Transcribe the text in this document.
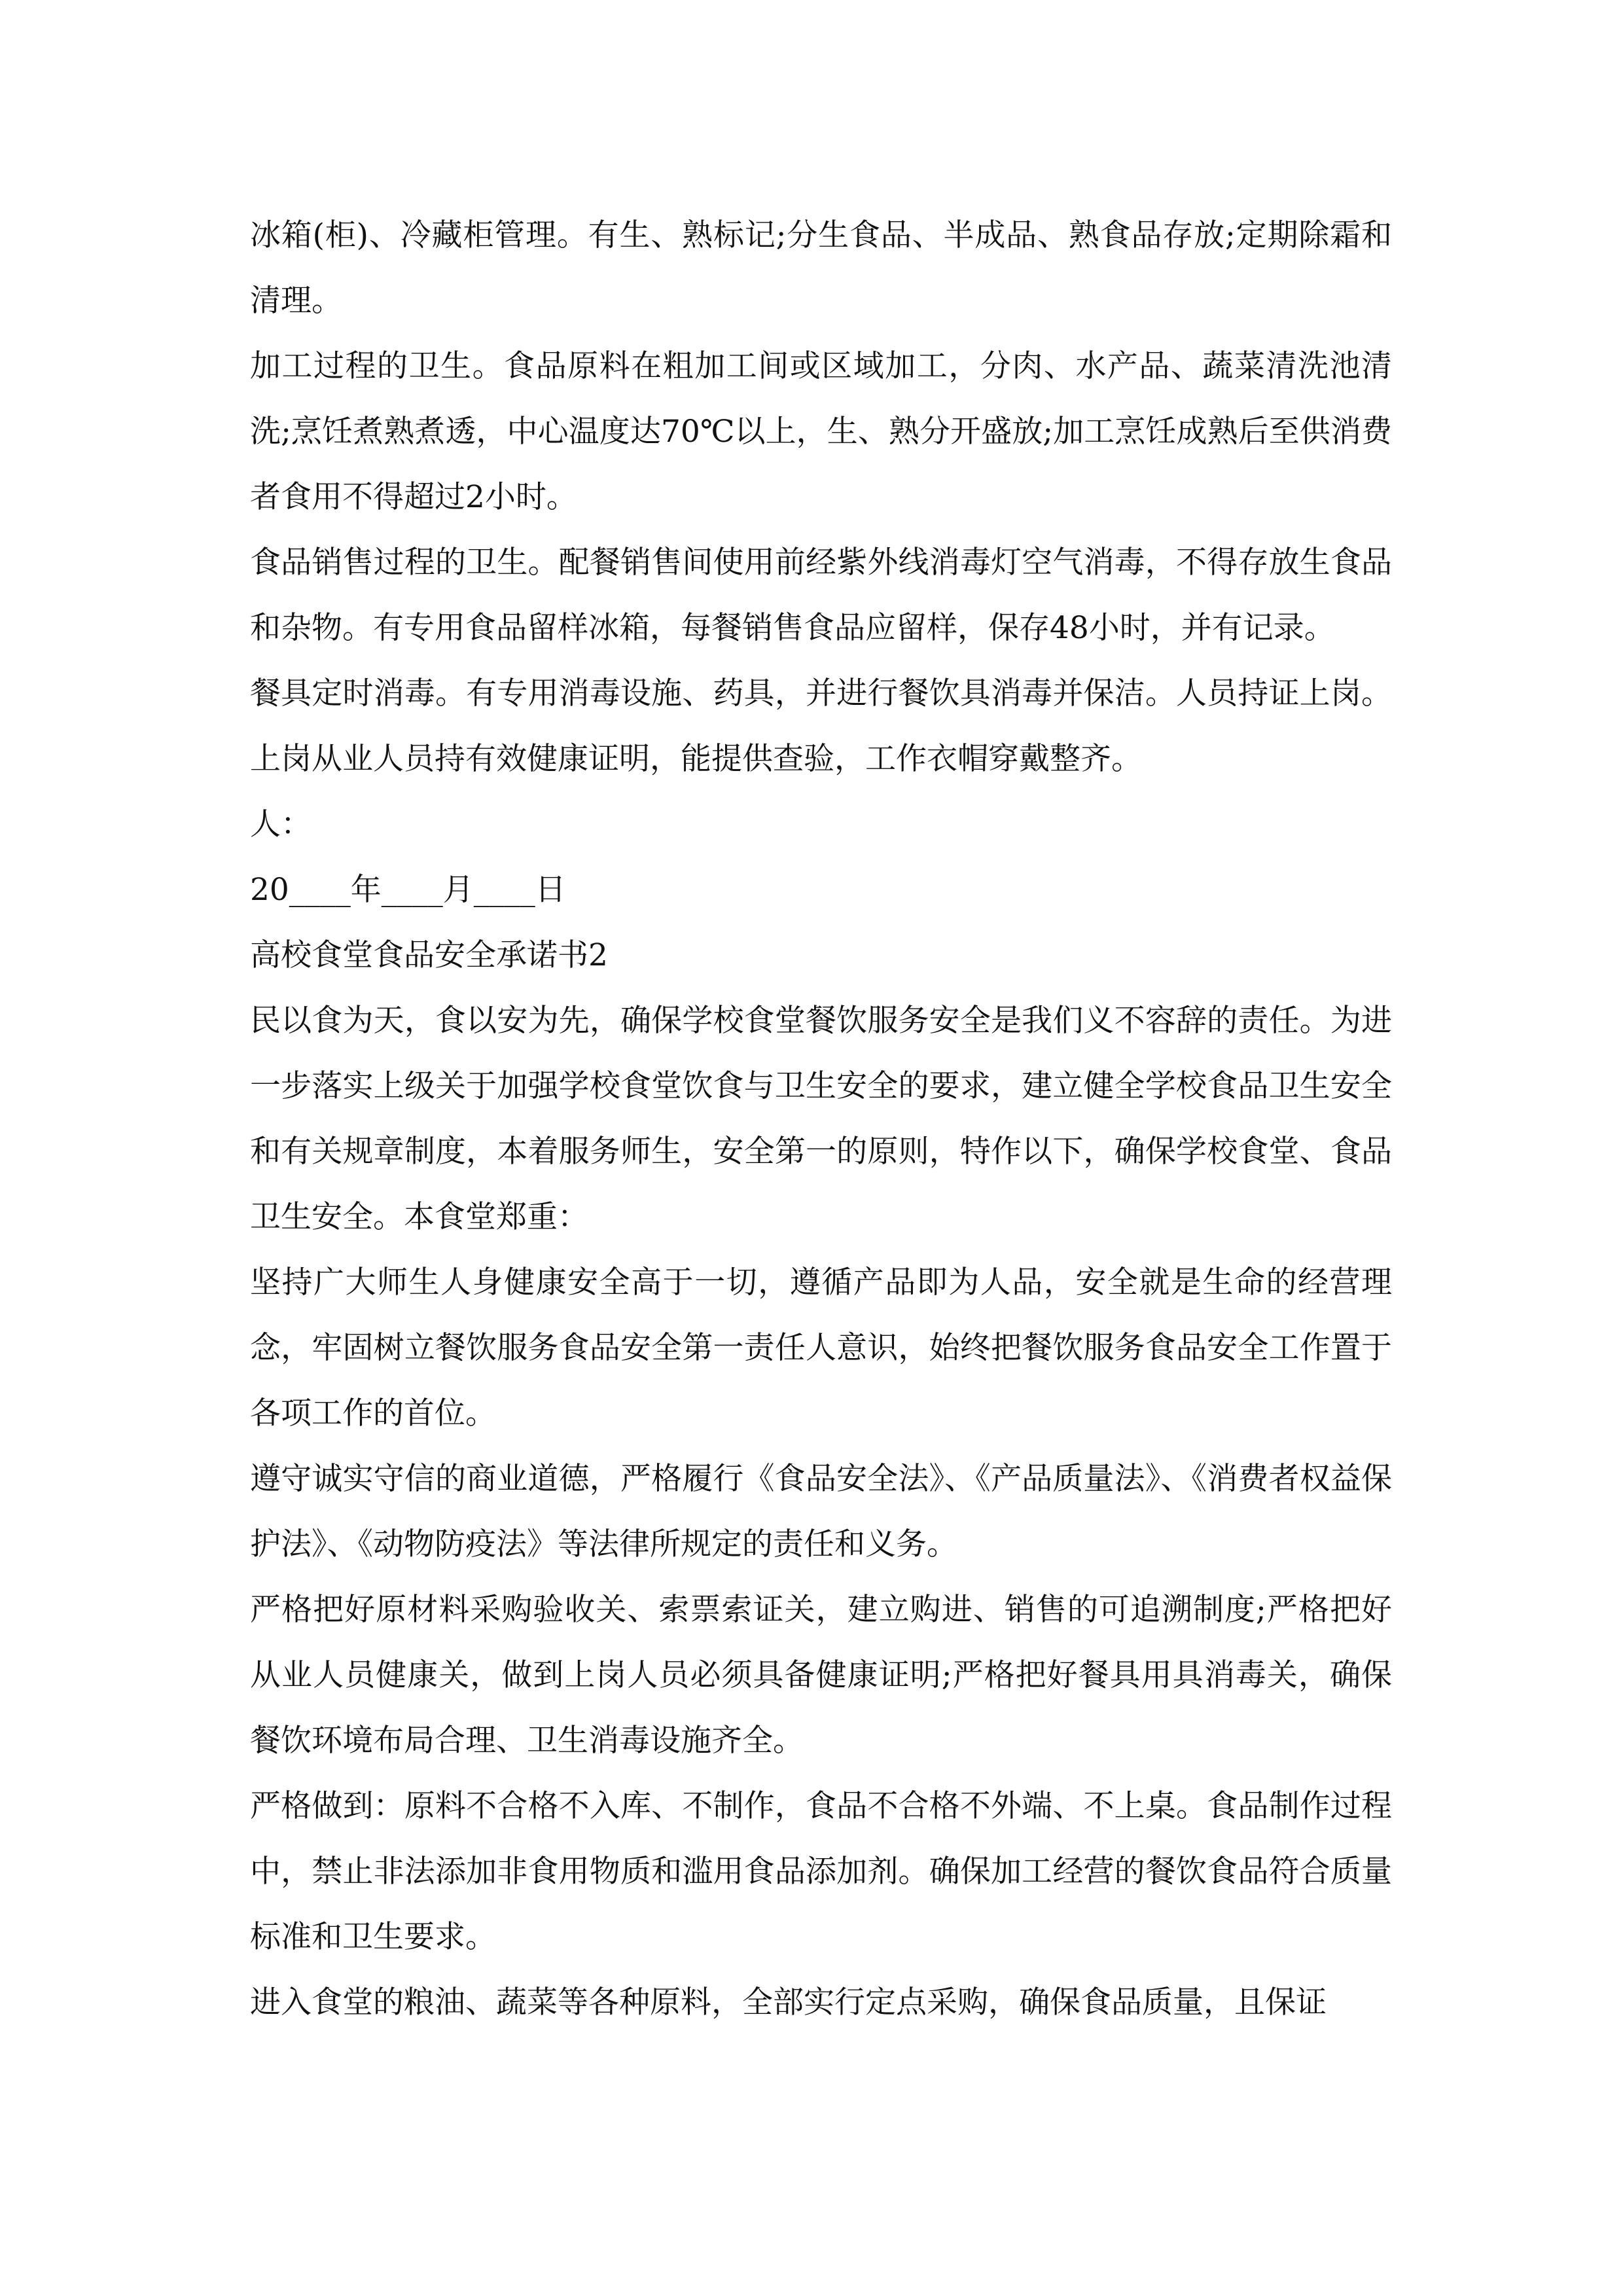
冰箱(柜)、冷藏柜管理。有生、熟标记;分生食品、半成品、熟食品存放;定期除霜和清理。

加工过程的卫生。食品原料在粗加工间或区域加工，分肉、水产品、蔬菜清洗池清洗;烹饪煮熟煮透，中心温度达70℃以上，生、熟分开盛放;加工烹饪成熟后至供消费者食用不得超过2小时。

食品销售过程的卫生。配餐销售间使用前经紫外线消毒灯空气消毒，不得存放生食品和杂物。有专用食品留样冰箱，每餐销售食品应留样，保存48小时，并有记录。

餐具定时消毒。有专用消毒设施、药具，并进行餐饮具消毒并保洁。人员持证上岗。上岗从业人员持有效健康证明，能提供查验，工作衣帽穿戴整齐。

人：

20____年____月____日

高校食堂食品安全承诺书2

民以食为天，食以安为先，确保学校食堂餐饮服务安全是我们义不容辞的责任。为进一步落实上级关于加强学校食堂饮食与卫生安全的要求，建立健全学校食品卫生安全和有关规章制度，本着服务师生，安全第一的原则，特作以下，确保学校食堂、食品卫生安全。本食堂郑重：

坚持广大师生人身健康安全高于一切，遵循产品即为人品，安全就是生命的经营理念，牢固树立餐饮服务食品安全第一责任人意识，始终把餐饮服务食品安全工作置于各项工作的首位。

遵守诚实守信的商业道德，严格履行《食品安全法》、《产品质量法》、《消费者权益保护法》、《动物防疫法》等法律所规定的责任和义务。

严格把好原材料采购验收关、索票索证关，建立购进、销售的可追溯制度;严格把好从业人员健康关，做到上岗人员必须具备健康证明;严格把好餐具用具消毒关，确保餐饮环境布局合理、卫生消毒设施齐全。

严格做到：原料不合格不入库、不制作，食品不合格不外端、不上桌。食品制作过程中，禁止非法添加非食用物质和滥用食品添加剂。确保加工经营的餐饮食品符合质量标准和卫生要求。

进入食堂的粮油、蔬菜等各种原料，全部实行定点采购，确保食品质量，且保证
